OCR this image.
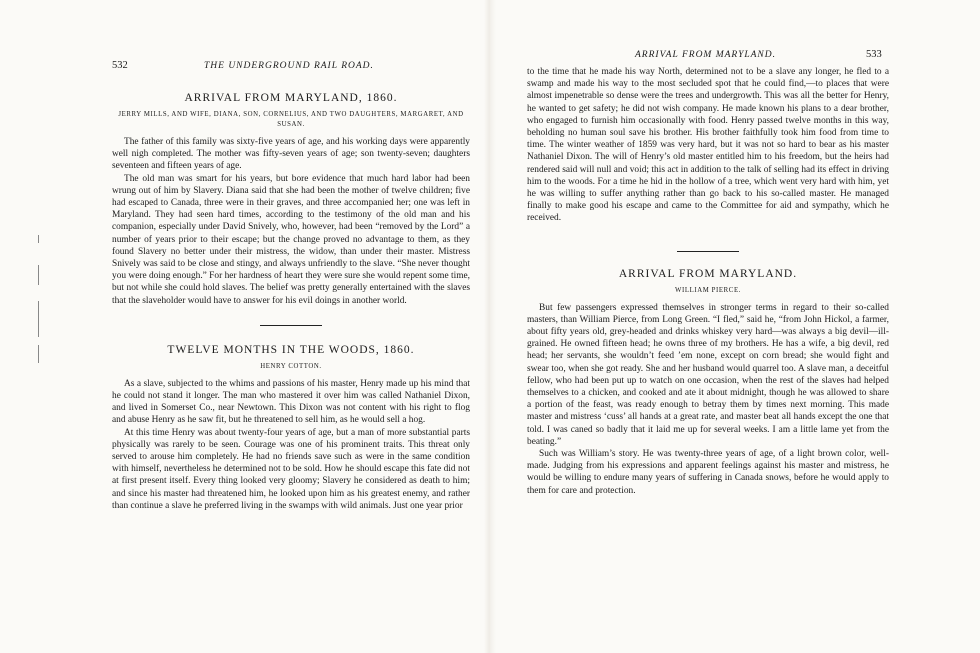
532	THE UNDERGROUND RAIL ROAD.
ARRIVAL FROM MARYLAND, 1860.
JERRY MILLS, AND WIFE, DIANA, SON, CORNELIUS, AND TWO DAUGHTERS, MARGARET, AND SUSAN.

The father of this family was sixty-five years of age, and his working days were apparently well nigh completed. The mother was fifty-seven years of age; son twenty-seven; daughters seventeen and fifteen years of age.

The old man was smart for his years, but bore evidence that much hard labor had been wrung out of him by Slavery. Diana said that she had been the mother of twelve children; five had escaped to Canada, three were in their graves, and three accompanied her; one was left in Maryland. They had seen hard times, according to the testimony of the old man and his companion, especially under David Snively, who, however, had been “removed by the Lord” a number of years prior to their escape; but the change proved no advantage to them, as they found Slavery no better under their mistress, the widow, than under their master. Mistress Snively was said to be close and stingy, and always unfriendly to the slave. “She never thought you were doing enough.” For her hardness of heart they were sure she would repent some time, but not while she could hold slaves. The belief was pretty generally entertained with the slaves that the slaveholder would have to answer for his evil doings in another world.

TWELVE MONTHS IN THE WOODS, 1860.
HENRY COTTON.

As a slave, subjected to the whims and passions of his master, Henry made up his mind that he could not stand it longer. The man who mastered it over him was called Nathaniel Dixon, and lived in Somerset Co., near Newtown. This Dixon was not content with his right to flog and abuse Henry as he saw fit, but he threatened to sell him, as he would sell a hog.

At this time Henry was about twenty-four years of age, but a man of more substantial parts physically was rarely to be seen. Courage was one of his prominent traits. This threat only served to arouse him completely. He had no friends save such as were in the same condition with himself, nevertheless he determined not to be sold. How he should escape this fate did not at first present itself. Every thing looked very gloomy; Slavery he considered as death to him; and since his master had threatened him, he looked upon him as his greatest enemy, and rather than continue a slave he preferred living in the swamps with wild animals. Just one year prior

ARRIVAL FROM MARYLAND.	533

to the time that he made his way North, determined not to be a slave any longer, he fled to a swamp and made his way to the most secluded spot that he could find,—to places that were almost impenetrable so dense were the trees and undergrowth. This was all the better for Henry, he wanted to get safety; he did not wish company. He made known his plans to a dear brother, who engaged to furnish him occasionally with food. Henry passed twelve months in this way, beholding no human soul save his brother. His brother faithfully took him food from time to time. The winter weather of 1859 was very hard, but it was not so hard to bear as his master Nathaniel Dixon. The will of Henry’s old master entitled him to his freedom, but the heirs had rendered said will null and void; this act in addition to the talk of selling had its effect in driving him to the woods. For a time he hid in the hollow of a tree, which went very hard with him, yet he was willing to suffer anything rather than go back to his so-called master. He managed finally to make good his escape and came to the Committee for aid and sympathy, which he received.

ARRIVAL FROM MARYLAND.
WILLIAM PIERCE.

But few passengers expressed themselves in stronger terms in regard to their so-called masters, than William Pierce, from Long Green. “I fled,” said he, “from John Hickol, a farmer, about fifty years old, grey-headed and drinks whiskey very hard—was always a big devil—ill-grained. He owned fifteen head; he owns three of my brothers. He has a wife, a big devil, red head; her servants, she wouldn’t feed ’em none, except on corn bread; she would fight and swear too, when she got ready. She and her husband would quarrel too. A slave man, a deceitful fellow, who had been put up to watch on one occasion, when the rest of the slaves had helped themselves to a chicken, and cooked and ate it about midnight, though he was allowed to share a portion of the feast, was ready enough to betray them by times next morning. This made master and mistress ‘cuss’ all hands at a great rate, and master beat all hands except the one that told. I was caned so badly that it laid me up for several weeks. I am a little lame yet from the beating.”

Such was William’s story. He was twenty-three years of age, of a light brown color, well-made. Judging from his expressions and apparent feelings against his master and mistress, he would be willing to endure many years of suffering in Canada snows, before he would apply to them for care and protection.
